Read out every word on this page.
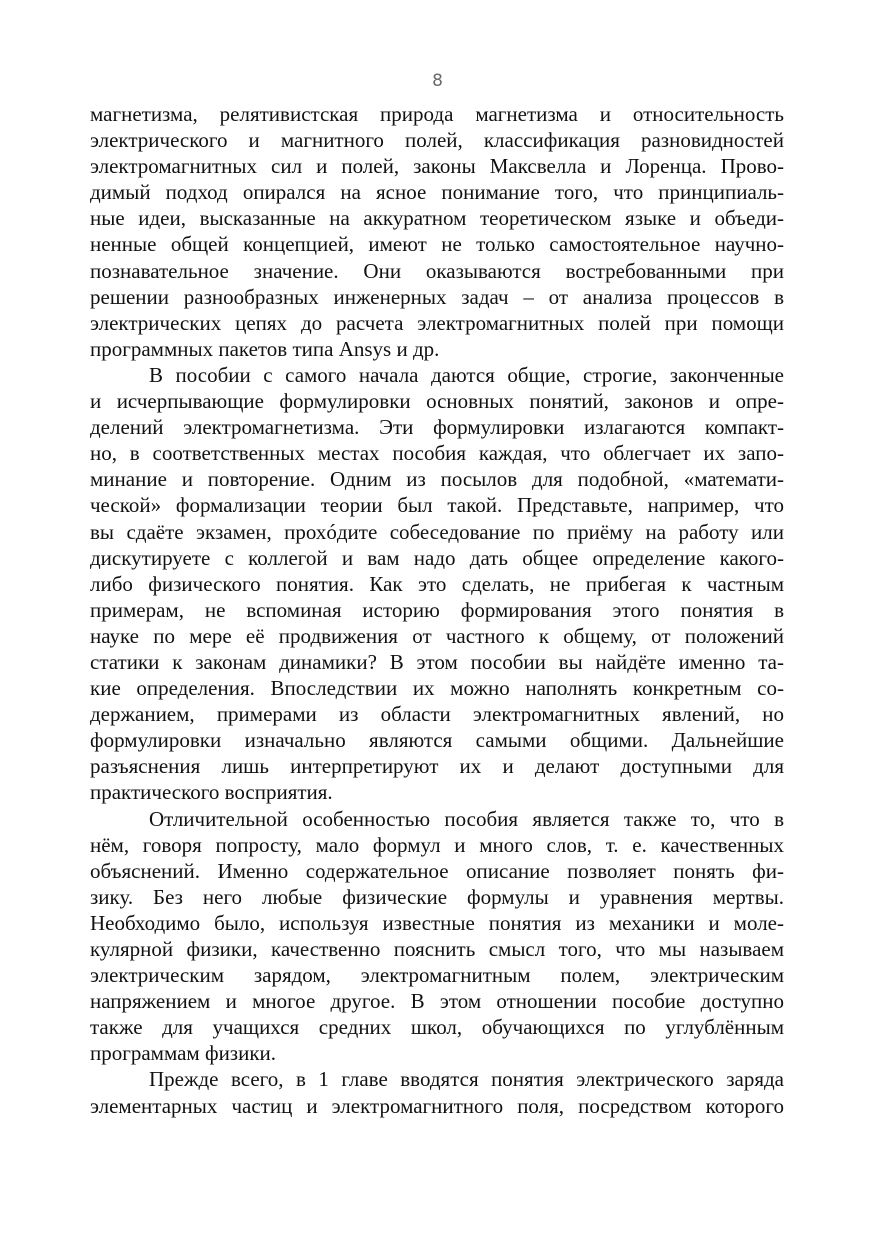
8
магнетизма, релятивистская природа магнетизма и относительность
электрического и магнитного полей, классификация разновидностей
электромагнитных сил и полей, законы Максвелла и Лоренца. Прово-
димый подход опирался на ясное понимание того, что принципиаль-
ные идеи, высказанные на аккуратном теоретическом языке и объеди-
ненные общей концепцией, имеют не только самостоятельное научно-
познавательное значение. Они оказываются востребованными при
решении разнообразных инженерных задач – от анализа процессов в
электрических цепях до расчета электромагнитных полей при помощи
программных пакетов типа Ansys и др.
В пособии с самого начала даются общие, строгие, законченные
и исчерпывающие формулировки основных понятий, законов и опре-
делений электромагнетизма. Эти формулировки излагаются компакт-
но, в соответственных местах пособия каждая, что облегчает их запо-
минание и повторение. Одним из посылов для подобной, «математи-
ческой» формализации теории был такой. Представьте, например, что
вы сдаёте экзамен, прохóдите собеседование по приёму на работу или
дискутируете с коллегой и вам надо дать общее определение какого-
либо физического понятия. Как это сделать, не прибегая к частным
примерам, не вспоминая историю формирования этого понятия в
науке по мере её продвижения от частного к общему, от положений
статики к законам динамики? В этом пособии вы найдёте именно та-
кие определения. Впоследствии их можно наполнять конкретным со-
держанием, примерами из области электромагнитных явлений, но
формулировки изначально являются самыми общими. Дальнейшие
разъяснения лишь интерпретируют их и делают доступными для
практического восприятия.
Отличительной особенностью пособия является также то, что в
нём, говоря попросту, мало формул и много слов, т. е. качественных
объяснений. Именно содержательное описание позволяет понять фи-
зику. Без него любые физические формулы и уравнения мертвы.
Необходимо было, используя известные понятия из механики и моле-
кулярной физики, качественно пояснить смысл того, что мы называем
электрическим зарядом, электромагнитным полем, электрическим
напряжением и многое другое. В этом отношении пособие доступно
также для учащихся средних школ, обучающихся по углублённым
программам физики.
Прежде всего, в 1 главе вводятся понятия электрического заряда
элементарных частиц и электромагнитного поля, посредством которого
